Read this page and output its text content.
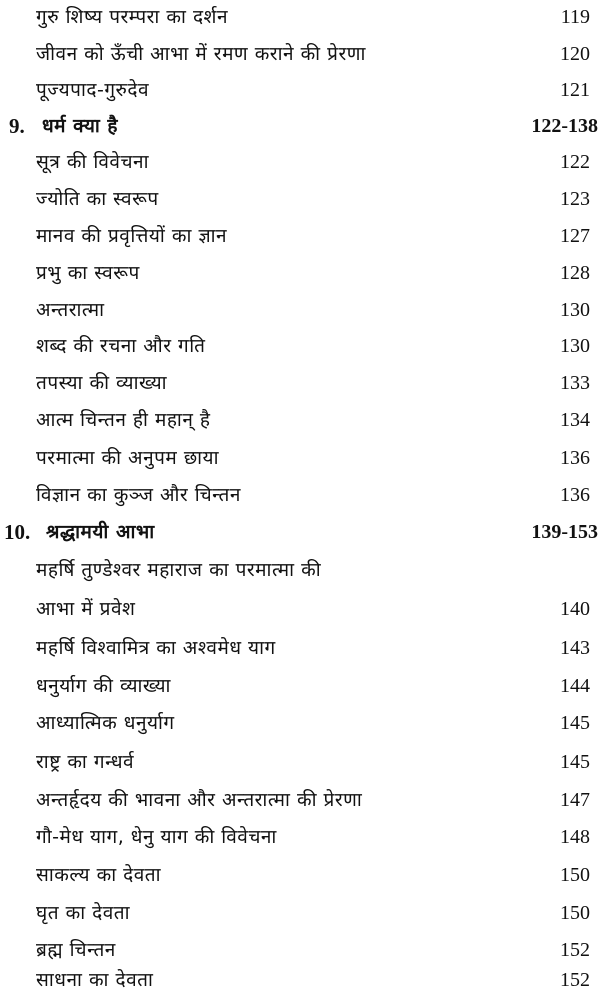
गुरु शिष्य परम्परा का दर्शन	119
जीवन को ऊँची आभा में रमण कराने की प्रेरणा	120
पूज्यपाद-गुरुदेव	121
9. धर्म क्या है	122-138
सूत्र की विवेचना	122
ज्योति का स्वरूप	123
मानव की प्रवृत्तियों का ज्ञान	127
प्रभु का स्वरूप	128
अन्तरात्मा	130
शब्द की रचना और गति	130
तपस्या की व्याख्या	133
आत्म चिन्तन ही महान् है	134
परमात्मा की अनुपम छाया	136
विज्ञान का कुञ्ज और चिन्तन	136
10. श्रद्धामयी आभा	139-153
महर्षि तुण्डेश्वर महाराज का परमात्मा की
आभा में प्रवेश	140
महर्षि विश्वामित्र का अश्वमेध याग	143
धनुर्याग की व्याख्या	144
आध्यात्मिक धनुर्याग	145
राष्ट्र का गन्धर्व	145
अन्तर्हृदय की भावना और अन्तरात्मा की प्रेरणा	147
गौ-मेध याग, धेनु याग की विवेचना	148
साकल्य का देवता	150
घृत का देवता	150
ब्रह्म चिन्तन	152
साधना का देवता	152
